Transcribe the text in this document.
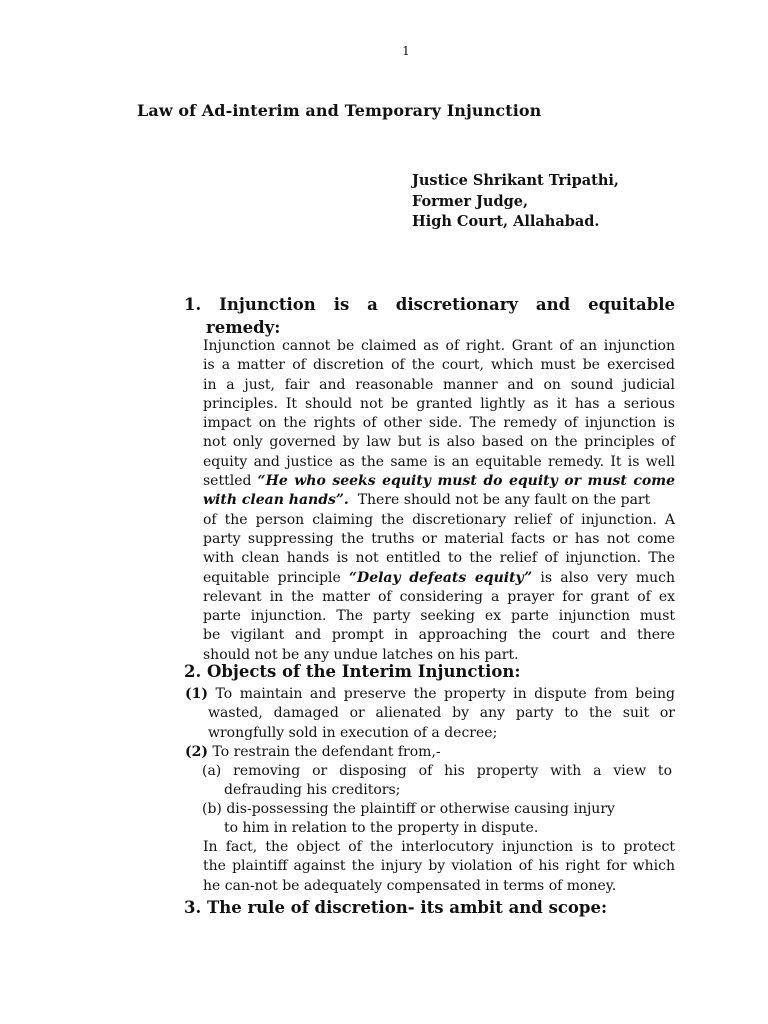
1
Law of Ad-interim and Temporary Injunction
Justice Shrikant Tripathi,
Former Judge,
High Court, Allahabad.
1. Injunction is a discretionary and equitable
remedy:
Injunction cannot be claimed as of right. Grant of an injunction
is a matter of discretion of the court, which must be exercised
in a just, fair and reasonable manner and on sound judicial
principles. It should not be granted lightly as it has a serious
impact on the rights of other side. The remedy of injunction is
not only governed by law but is also based on the principles of
equity and justice as the same is an equitable remedy. It is well
settled “He who seeks equity must do equity or must come
with clean hands”.  There should not be any fault on the part
of the person claiming the discretionary relief of injunction. A
party suppressing the truths or material facts or has not come
with clean hands is not entitled to the relief of injunction. The
equitable principle “Delay defeats equity” is also very much
relevant in the matter of considering a prayer for grant of ex
parte injunction. The party seeking ex parte injunction must
be vigilant and prompt in approaching the court and there
should not be any undue latches on his part.
2. Objects of the Interim Injunction:
(1) To maintain and preserve the property in dispute from being
wasted, damaged or alienated by any party to the suit or
wrongfully sold in execution of a decree;
(2) To restrain the defendant from,-
(a) removing or disposing of his property with a view to
defrauding his creditors;
(b) dis-possessing the plaintiff or otherwise causing injury
to him in relation to the property in dispute.
In fact, the object of the interlocutory injunction is to protect
the plaintiff against the injury by violation of his right for which
he can-not be adequately compensated in terms of money.
3. The rule of discretion- its ambit and scope:
